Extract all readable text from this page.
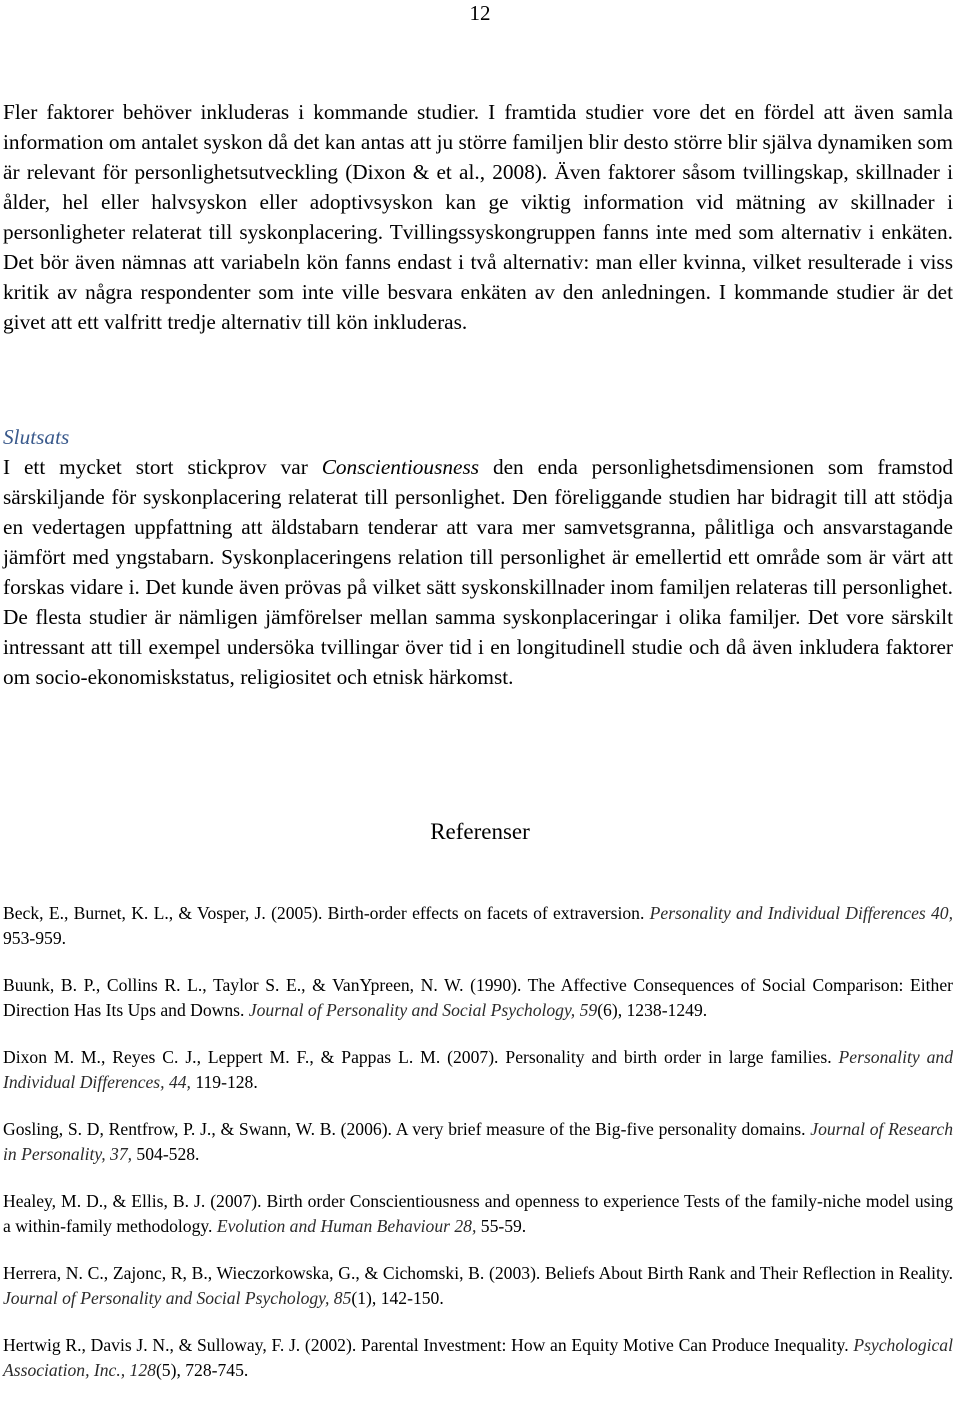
12

Fler faktorer behöver inkluderas i kommande studier. I framtida studier vore det en fördel att även samla information om antalet syskon då det kan antas att ju större familjen blir desto större blir själva dynamiken som är relevant för personlighetsutveckling (Dixon & et al., 2008). Även faktorer såsom tvillingskap, skillnader i ålder, hel eller halvsyskon eller adoptivsyskon kan ge viktig information vid mätning av skillnader i personligheter relaterat till syskonplacering. Tvillingssyskongruppen fanns inte med som alternativ i enkäten. Det bör även nämnas att variabeln kön fanns endast i två alternativ: man eller kvinna, vilket resulterade i viss kritik av några respondenter som inte ville besvara enkäten av den anledningen. I kommande studier är det givet att ett valfritt tredje alternativ till kön inkluderas.

Slutsats

I ett mycket stort stickprov var Conscientiousness den enda personlighetsdimensionen som framstod särskiljande för syskonplacering relaterat till personlighet. Den föreliggande studien har bidragit till att stödja en vedertagen uppfattning att äldstabarn tenderar att vara mer samvetsgranna, pålitliga och ansvarstagande jämfört med yngstabarn. Syskonplaceringens relation till personlighet är emellertid ett område som är värt att forskas vidare i. Det kunde även prövas på vilket sätt syskonskillnader inom familjen relateras till personlighet. De flesta studier är nämligen jämförelser mellan samma syskonplaceringar i olika familjer. Det vore särskilt intressant att till exempel undersöka tvillingar över tid i en longitudinell studie och då även inkludera faktorer om socio-ekonomiskstatus, religiositet och etnisk härkomst.

Referenser

Beck, E., Burnet, K. L., & Vosper, J. (2005). Birth-order effects on facets of extraversion. Personality and Individual Differences 40, 953-959.

Buunk, B. P., Collins R. L., Taylor S. E., & VanYpreen, N. W. (1990). The Affective Consequences of Social Comparison: Either Direction Has Its Ups and Downs. Journal of Personality and Social Psychology, 59(6), 1238-1249.

Dixon M. M., Reyes C. J., Leppert M. F., & Pappas L. M. (2007). Personality and birth order in large families. Personality and Individual Differences, 44, 119-128.

Gosling, S. D, Rentfrow, P. J., & Swann, W. B. (2006). A very brief measure of the Big-five personality domains. Journal of Research in Personality, 37, 504-528.

Healey, M. D., & Ellis, B. J. (2007). Birth order Conscientiousness and openness to experience Tests of the family-niche model using a within-family methodology. Evolution and Human Behaviour 28, 55-59.

Herrera, N. C., Zajonc, R, B., Wieczorkowska, G., & Cichomski, B. (2003). Beliefs About Birth Rank and Their Reflection in Reality. Journal of Personality and Social Psychology, 85(1), 142-150.

Hertwig R., Davis J. N., & Sulloway, F. J. (2002). Parental Investment: How an Equity Motive Can Produce Inequality. Psychological Association, Inc., 128(5), 728-745.
